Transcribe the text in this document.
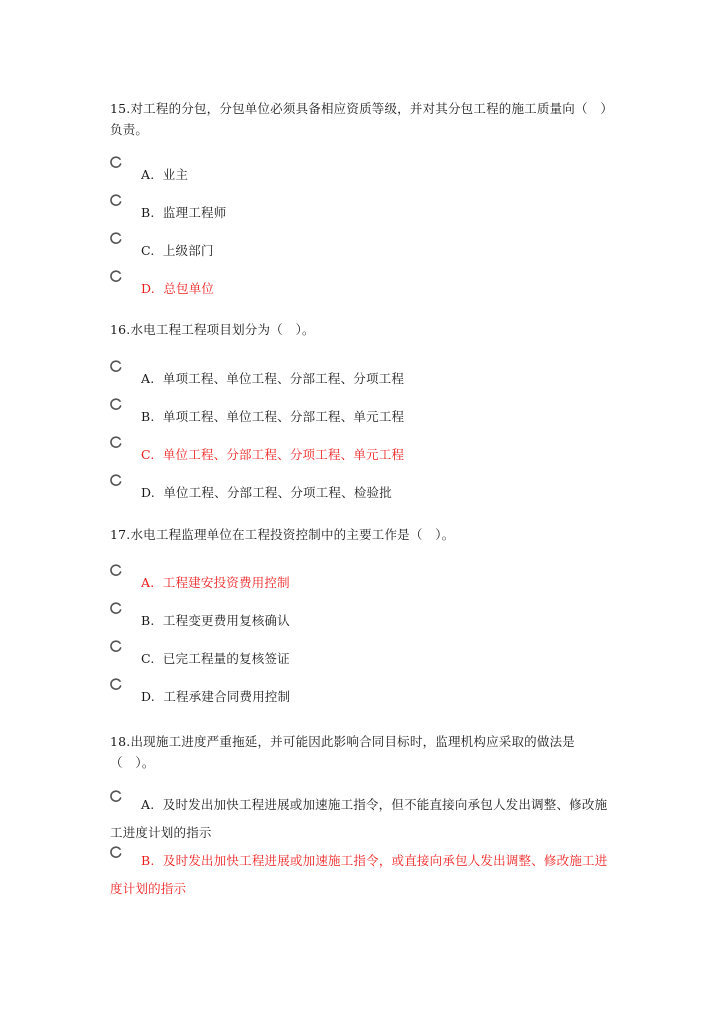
15.对工程的分包，分包单位必须具备相应资质等级，并对其分包工程的施工质量向（　）负责。
A. 业主
B. 监理工程师
C. 上级部门
D. 总包单位
16.水电工程工程项目划分为（　）。
A. 单项工程、单位工程、分部工程、分项工程
B. 单项工程、单位工程、分部工程、单元工程
C. 单位工程、分部工程、分项工程、单元工程
D. 单位工程、分部工程、分项工程、检验批
17.水电工程监理单位在工程投资控制中的主要工作是（　）。
A. 工程建安投资费用控制
B. 工程变更费用复核确认
C. 已完工程量的复核签证
D. 工程承建合同费用控制
18.出现施工进度严重拖延，并可能因此影响合同目标时，监理机构应采取的做法是（　）。
A. 及时发出加快工程进展或加速施工指令，但不能直接向承包人发出调整、修改施工进度计划的指示
B. 及时发出加快工程进展或加速施工指令，或直接向承包人发出调整、修改施工进度计划的指示
